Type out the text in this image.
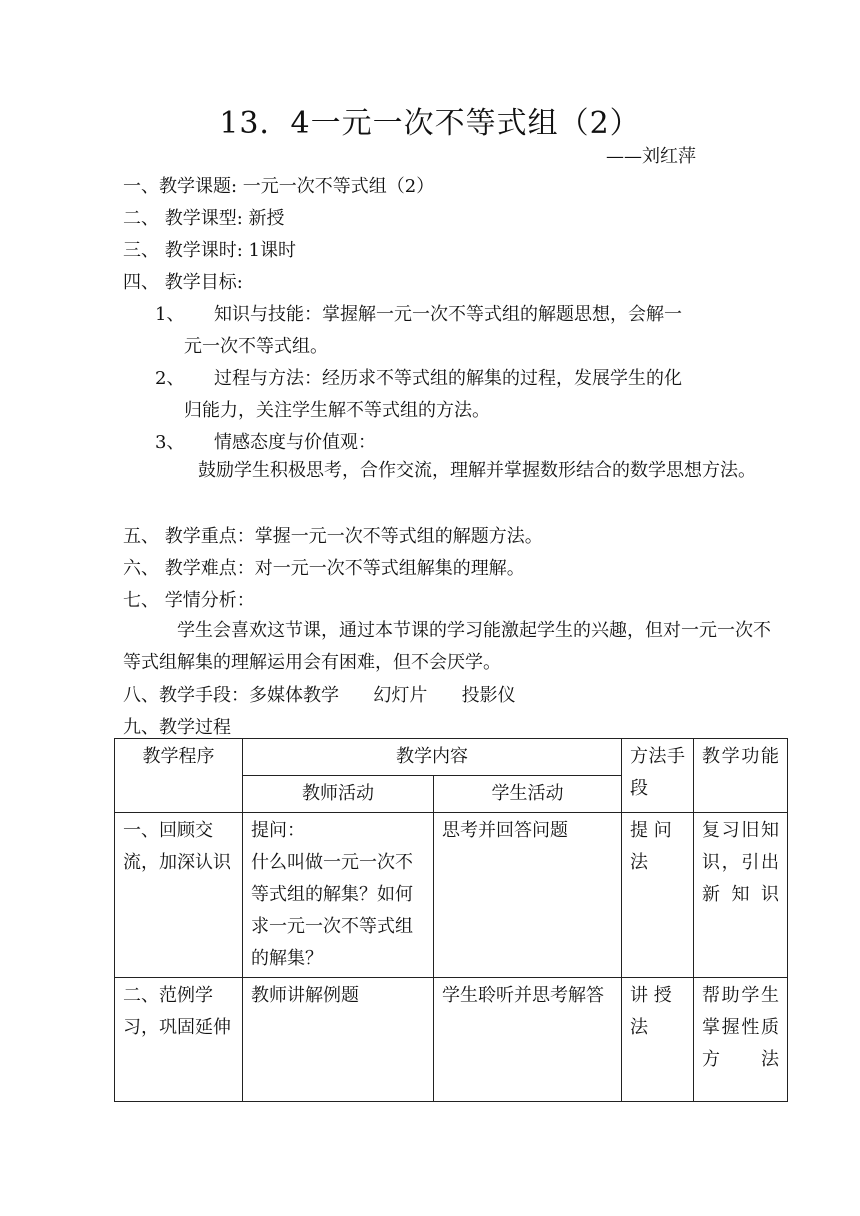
13．4一元一次不等式组（2）
——刘红萍
一、教学课题: 一元一次不等式组（2）
二、 教学课型: 新授
三、 教学课时: 1课时
四、 教学目标:
1、 知识与技能：掌握解一元一次不等式组的解题思想，会解一
元一次不等式组。
2、 过程与方法：经历求不等式组的解集的过程，发展学生的化
归能力，关注学生解不等式组的方法。
3、 情感态度与价值观：
鼓励学生积极思考，合作交流，理解并掌握数形结合的数学思想方法。
五、 教学重点：掌握一元一次不等式组的解题方法。
六、 教学难点：对一元一次不等式组解集的理解。
七、 学情分析：
学生会喜欢这节课，通过本节课的学习能激起学生的兴趣，但对一元一次不等式组解集的理解运用会有困难，但不会厌学。
八、教学手段：多媒体教学      幻灯片      投影仪
九、教学过程
教学程序	教学内容		方法手段	教学功能
	教师活动	学生活动		
一、回顾交流，加深认识	提问：
什么叫做一元一次不等式组的解集？如何求一元一次不等式组的解集？	思考并回答问题	提 问法	复习旧知识，引出新知识
二、范例学习，巩固延伸	教师讲解例题	学生聆听并思考解答	讲 授法	帮助学生掌握性质方法
